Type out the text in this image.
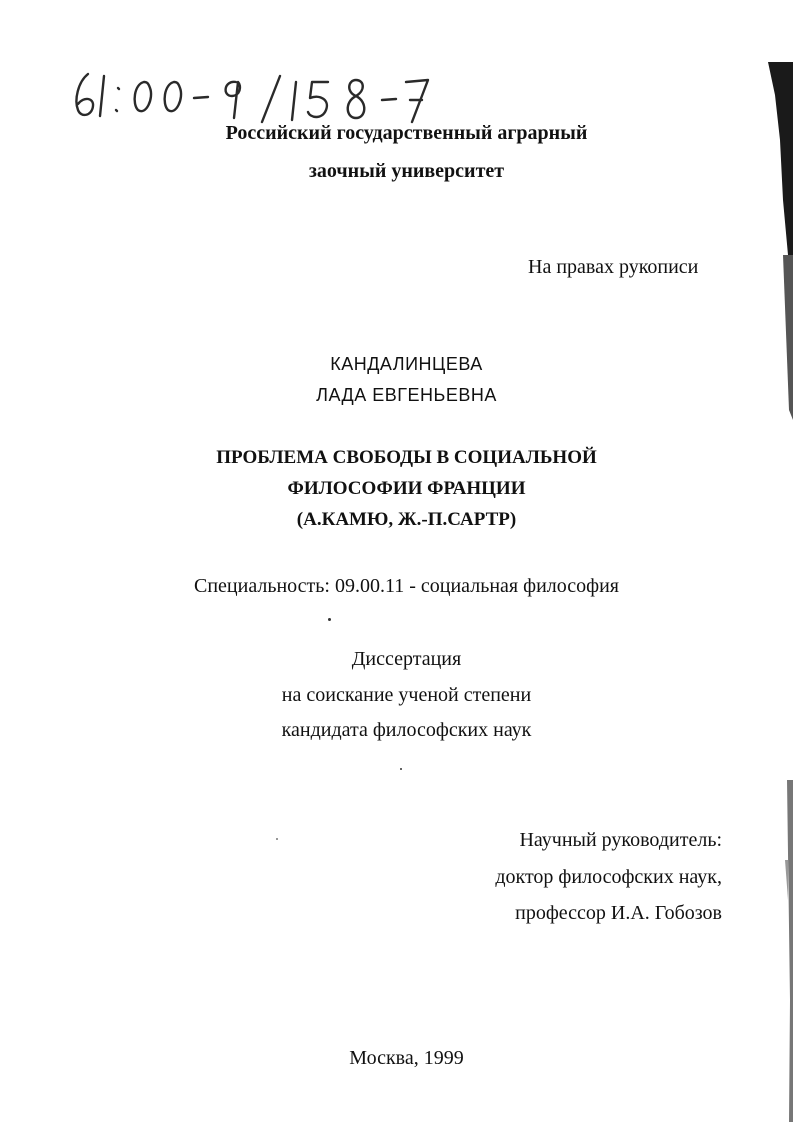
Российский государственный аграрный
заочный университет
На правах рукописи
КАНДАЛИНЦЕВА
ЛАДА ЕВГЕНЬЕВНА
ПРОБЛЕМА СВОБОДЫ В СОЦИАЛЬНОЙ
ФИЛОСОФИИ ФРАНЦИИ
(А.КАМЮ, Ж.-П.САРТР)
Специальность: 09.00.11 - социальная философия
Диссертация
на соискание ученой степени
кандидата философских наук
Научный руководитель:
доктор философских наук,
профессор И.А. Гобозов
Москва, 1999
